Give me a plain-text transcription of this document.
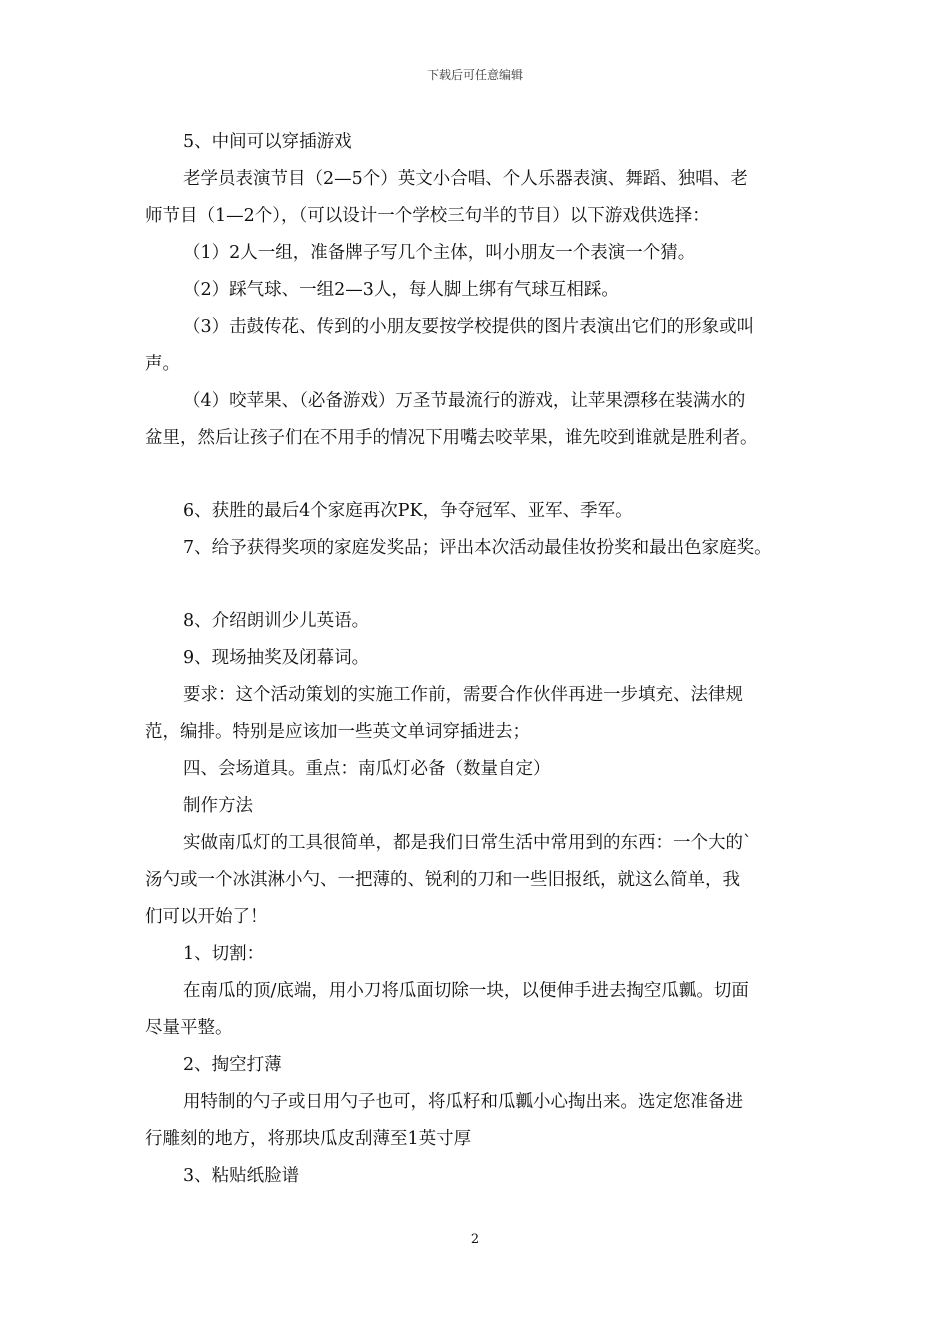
下载后可任意编辑
5、中间可以穿插游戏
老学员表演节目（2—5个）英文小合唱、个人乐器表演、舞蹈、独唱、老
师节目（1—2个），（可以设计一个学校三句半的节目）以下游戏供选择：
（1）2人一组，准备牌子写几个主体，叫小朋友一个表演一个猜。
（2）踩气球、一组2—3人，每人脚上绑有气球互相踩。
（3）击鼓传花、传到的小朋友要按学校提供的图片表演出它们的形象或叫
声。
（4）咬苹果、（必备游戏）万圣节最流行的游戏，让苹果漂移在装满水的
盆里，然后让孩子们在不用手的情况下用嘴去咬苹果，谁先咬到谁就是胜利者。
6、获胜的最后4个家庭再次PK，争夺冠军、亚军、季军。
7、给予获得奖项的家庭发奖品；评出本次活动最佳妆扮奖和最出色家庭奖。
8、介绍朗训少儿英语。
9、现场抽奖及闭幕词。
要求：这个活动策划的实施工作前，需要合作伙伴再进一步填充、法律规
范，编排。特别是应该加一些英文单词穿插进去；
四、会场道具。重点：南瓜灯必备（数量自定）
制作方法
实做南瓜灯的工具很简单，都是我们日常生活中常用到的东西：一个大的`
汤勺或一个冰淇淋小勺、一把薄的、锐利的刀和一些旧报纸，就这么简单，我
们可以开始了！
1、切割：
在南瓜的顶/底端，用小刀将瓜面切除一块，以便伸手进去掏空瓜瓤。切面
尽量平整。
2、掏空打薄
用特制的勺子或日用勺子也可，将瓜籽和瓜瓤小心掏出来。选定您准备进
行雕刻的地方，将那块瓜皮刮薄至1英寸厚
3、粘贴纸脸谱
2
